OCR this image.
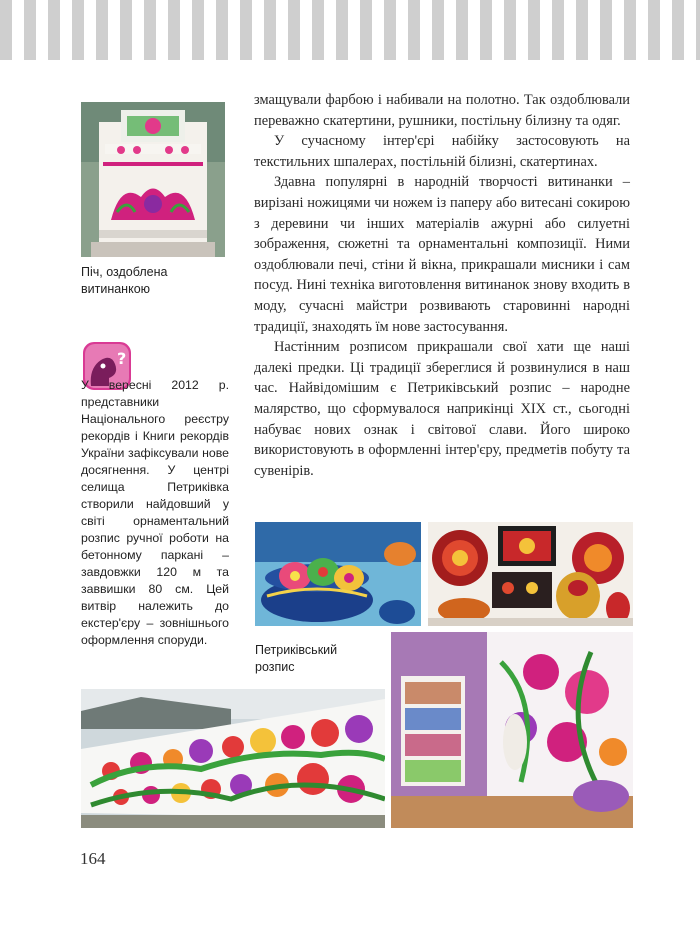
Піч, оздоблена витинанкою
?
У вересні 2012 р. представники Національного реєстру рекордів і Книги рекордів України зафіксували нове досягнення. У центрі селища Петриківка створили найдовший у світі орнаментальний розпис ручної роботи на бетонному паркані – завдовжки 120 м та заввишки 80 см. Цей витвір належить до екстер'єру – зовнішнього оформлення споруди.

змащували фарбою і набивали на полотно. Так оздоблювали переважно скатертини, рушники, постільну білизну та одяг.

У сучасному інтер'єрі набійку застосовують на текстильних шпалерах, постільній білизні, скатертинах.

Здавна популярні в народній творчості витинанки – вирізані ножицями чи ножем із паперу або витесані сокирою з деревини чи інших матеріалів ажурні або силуетні зображення, сюжетні та орнаментальні композиції. Ними оздоблювали печі, стіни й вікна, прикрашали мисники і сам посуд. Нині техніка виготовлення витинанок знову входить в моду, сучасні майстри розвивають старовинні народні традиції, знаходять їм нове застосування.

Настінним розписом прикрашали свої хати ще наші далекі предки. Ці традиції збереглися й розвинулися в наш час. Найвідомішим є Петриківський розпис – народне малярство, що сформувалося наприкінці XIX ст., сьогодні набуває нових ознак і світової слави. Його широко використовують в оформленні інтер'єру, предметів побуту та сувенірів.

Петриківський розпис
164
